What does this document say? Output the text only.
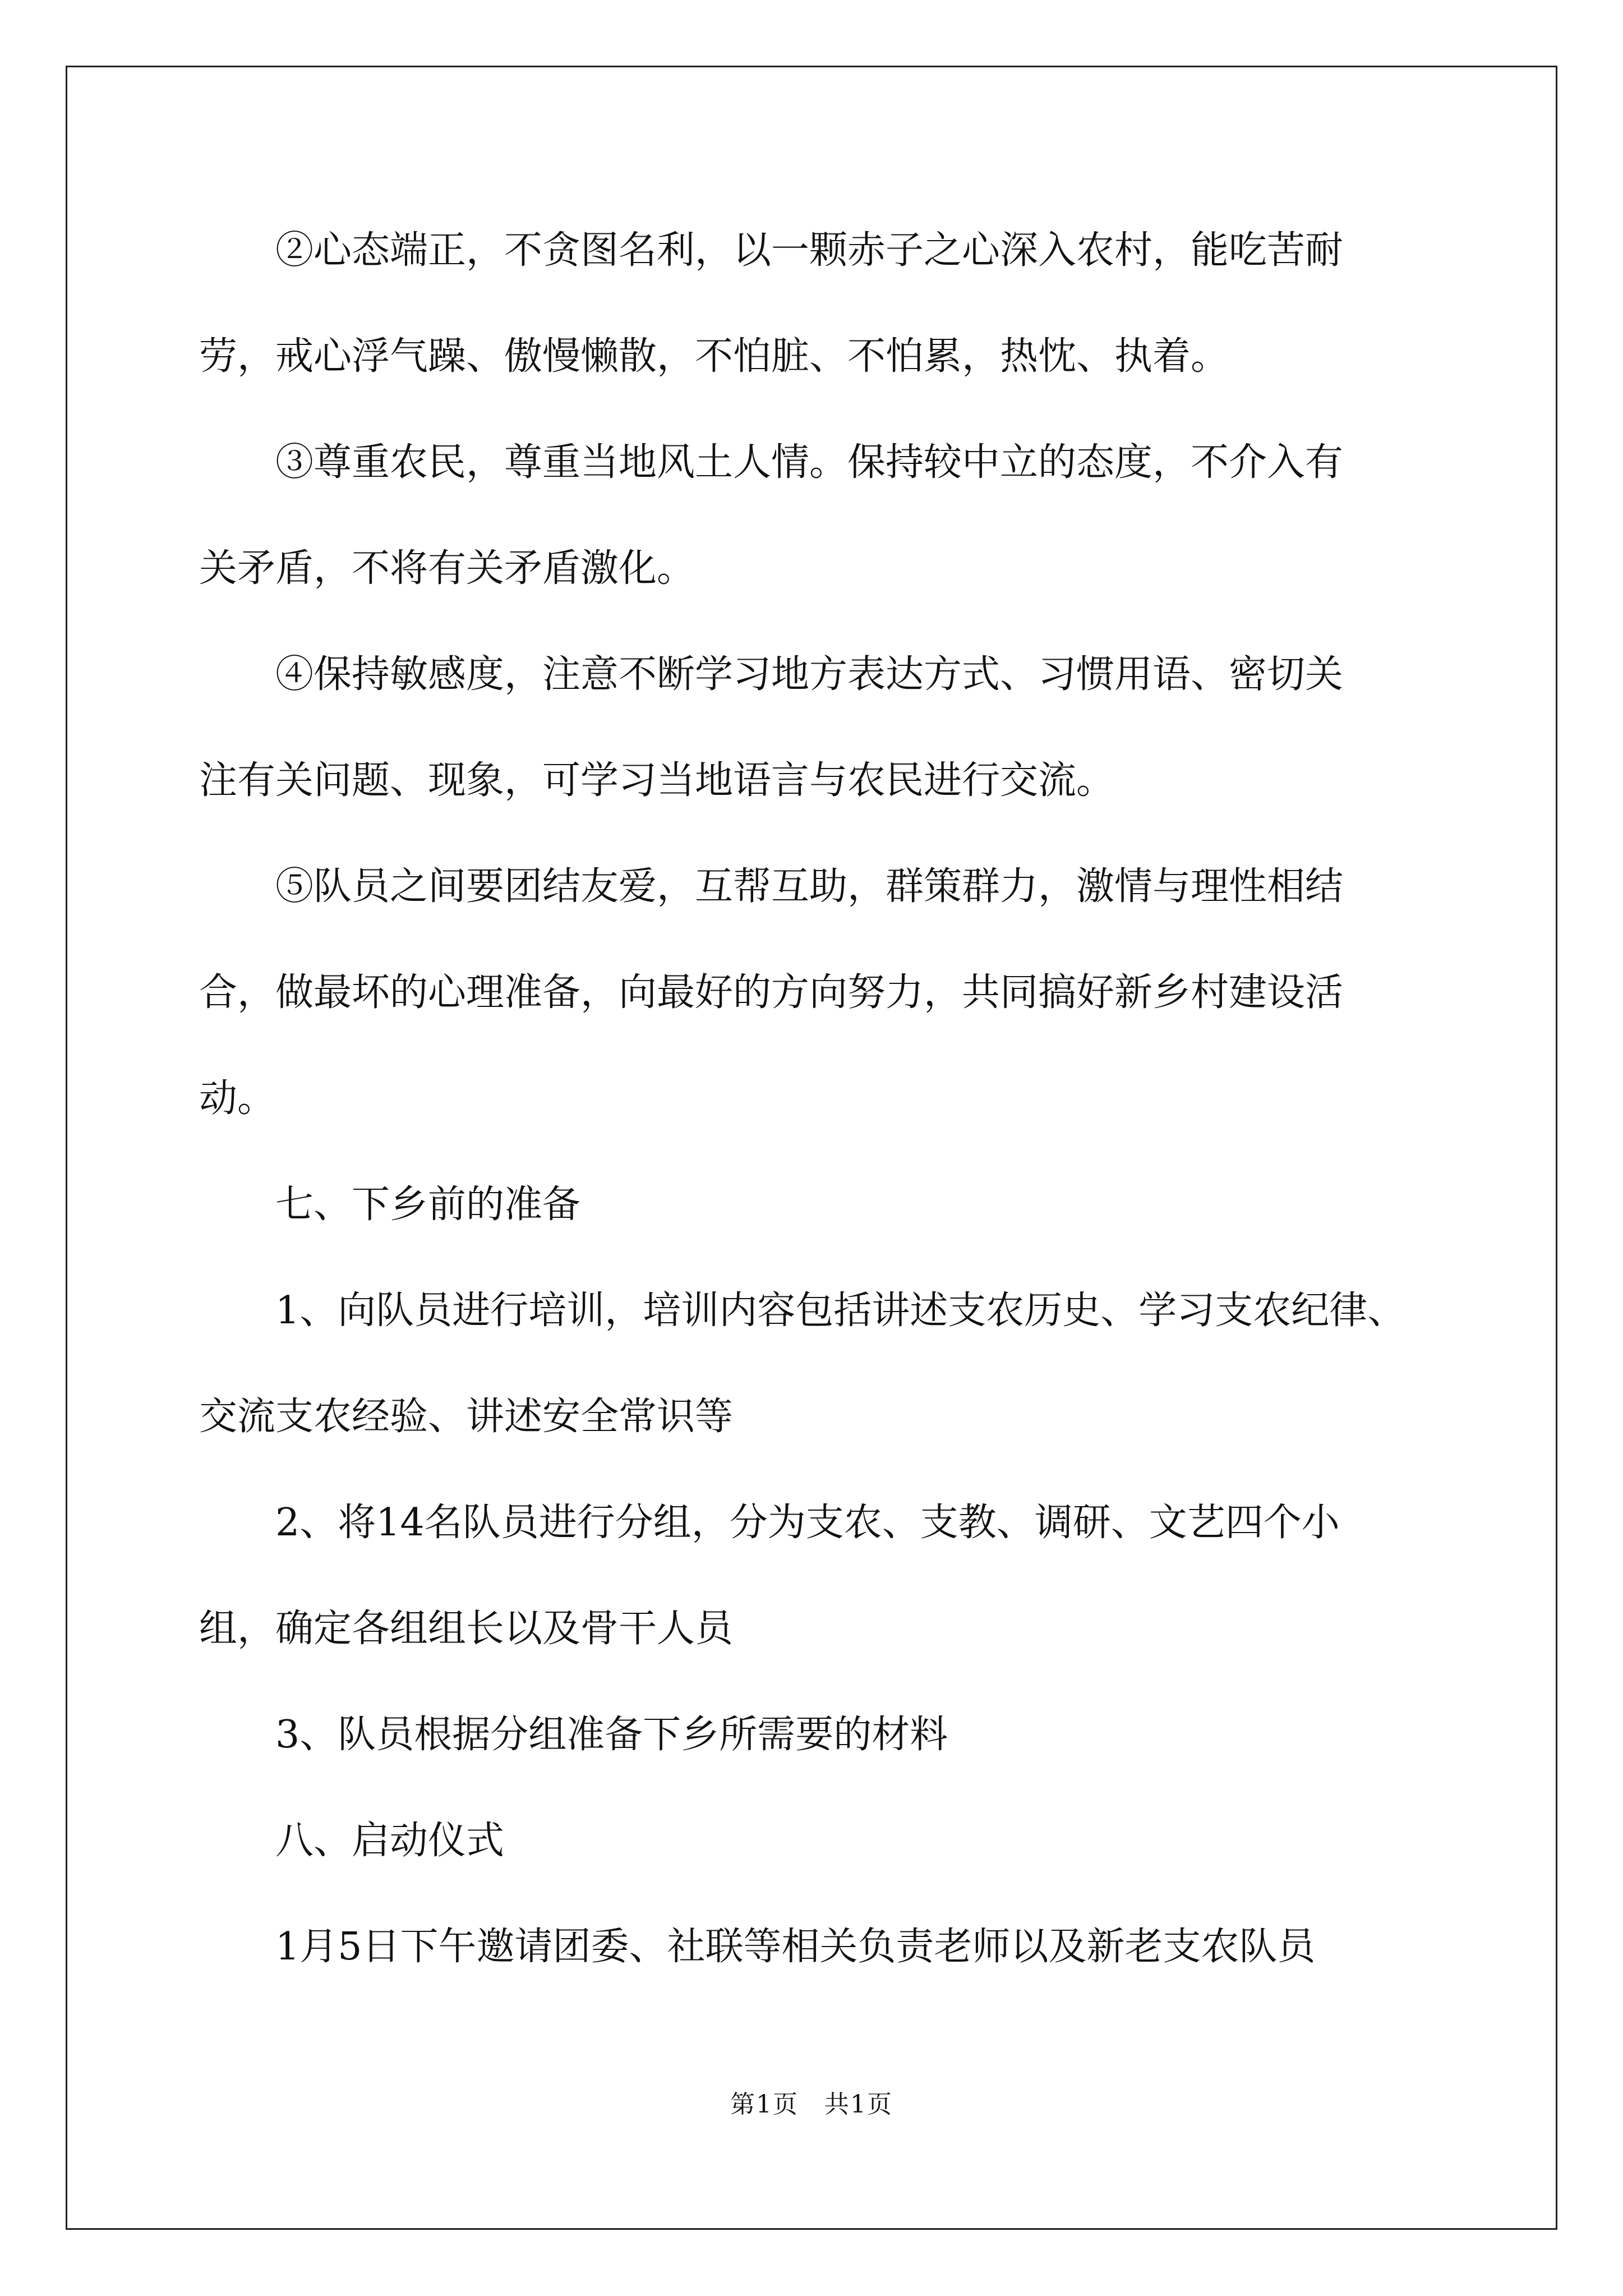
　　②心态端正，不贪图名利，以一颗赤子之心深入农村，能吃苦耐
劳，戒心浮气躁、傲慢懒散，不怕脏、不怕累，热忱、执着。
　　③尊重农民，尊重当地风土人情。保持较中立的态度，不介入有
关矛盾，不将有关矛盾激化。
　　④保持敏感度，注意不断学习地方表达方式、习惯用语、密切关
注有关问题、现象，可学习当地语言与农民进行交流。
　　⑤队员之间要团结友爱，互帮互助，群策群力，激情与理性相结
合，做最坏的心理准备，向最好的方向努力，共同搞好新乡村建设活
动。
　　七、下乡前的准备
　　1、向队员进行培训，培训内容包括讲述支农历史、学习支农纪律、
交流支农经验、讲述安全常识等
　　2、将14名队员进行分组，分为支农、支教、调研、文艺四个小
组，确定各组组长以及骨干人员
　　3、队员根据分组准备下乡所需要的材料
　　八、启动仪式
　　1月5日下午邀请团委、社联等相关负责老师以及新老支农队员
第1页　共1页
